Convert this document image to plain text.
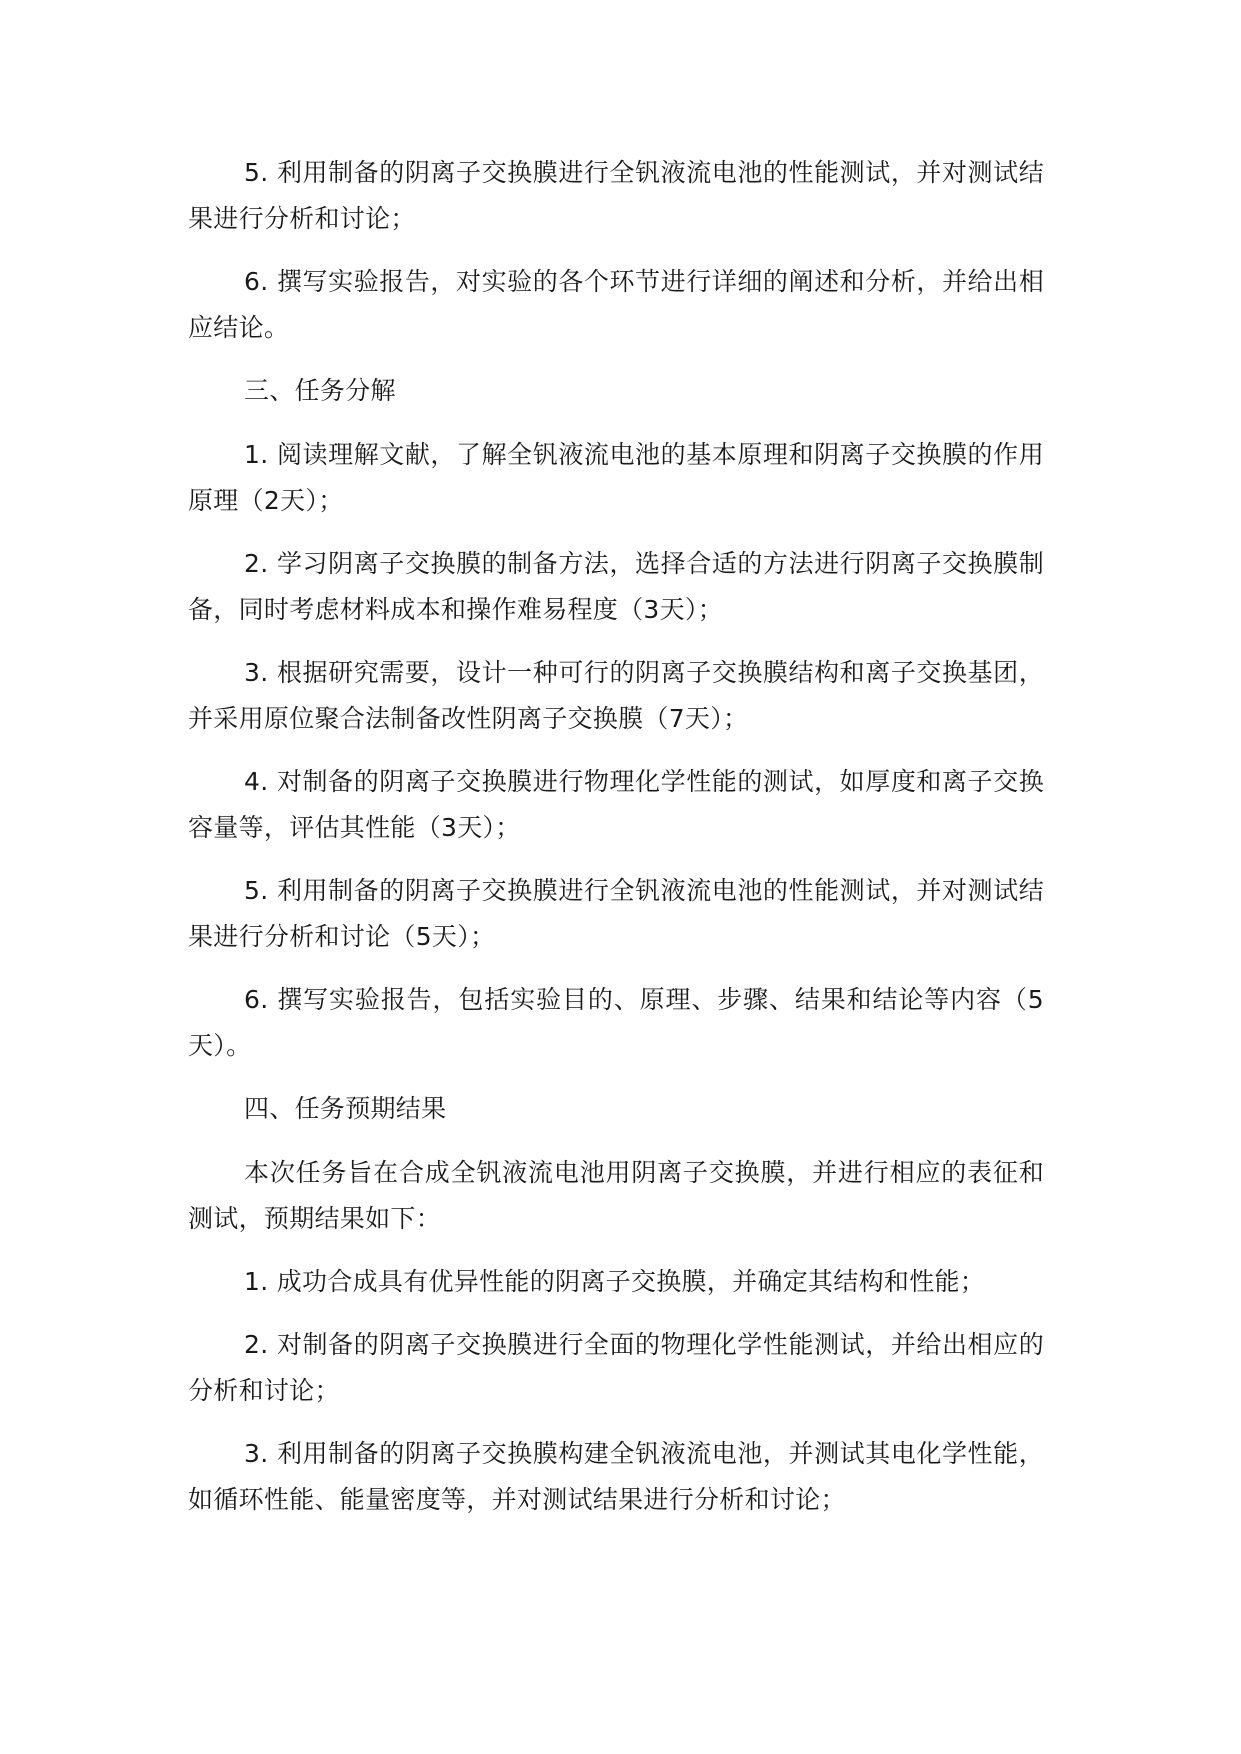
5. 利用制备的阴离子交换膜进行全钒液流电池的性能测试，并对测试结果进行分析和讨论；

6. 撰写实验报告，对实验的各个环节进行详细的阐述和分析，并给出相应结论。

三、任务分解

1. 阅读理解文献，了解全钒液流电池的基本原理和阴离子交换膜的作用原理（2天）；

2. 学习阴离子交换膜的制备方法，选择合适的方法进行阴离子交换膜制备，同时考虑材料成本和操作难易程度（3天）；

3. 根据研究需要，设计一种可行的阴离子交换膜结构和离子交换基团，并采用原位聚合法制备改性阴离子交换膜（7天）；

4. 对制备的阴离子交换膜进行物理化学性能的测试，如厚度和离子交换容量等，评估其性能（3天）；

5. 利用制备的阴离子交换膜进行全钒液流电池的性能测试，并对测试结果进行分析和讨论（5天）；

6. 撰写实验报告，包括实验目的、原理、步骤、结果和结论等内容（5天）。

四、任务预期结果

本次任务旨在合成全钒液流电池用阴离子交换膜，并进行相应的表征和测试，预期结果如下：

1. 成功合成具有优异性能的阴离子交换膜，并确定其结构和性能；

2. 对制备的阴离子交换膜进行全面的物理化学性能测试，并给出相应的分析和讨论；

3. 利用制备的阴离子交换膜构建全钒液流电池，并测试其电化学性能，如循环性能、能量密度等，并对测试结果进行分析和讨论；
